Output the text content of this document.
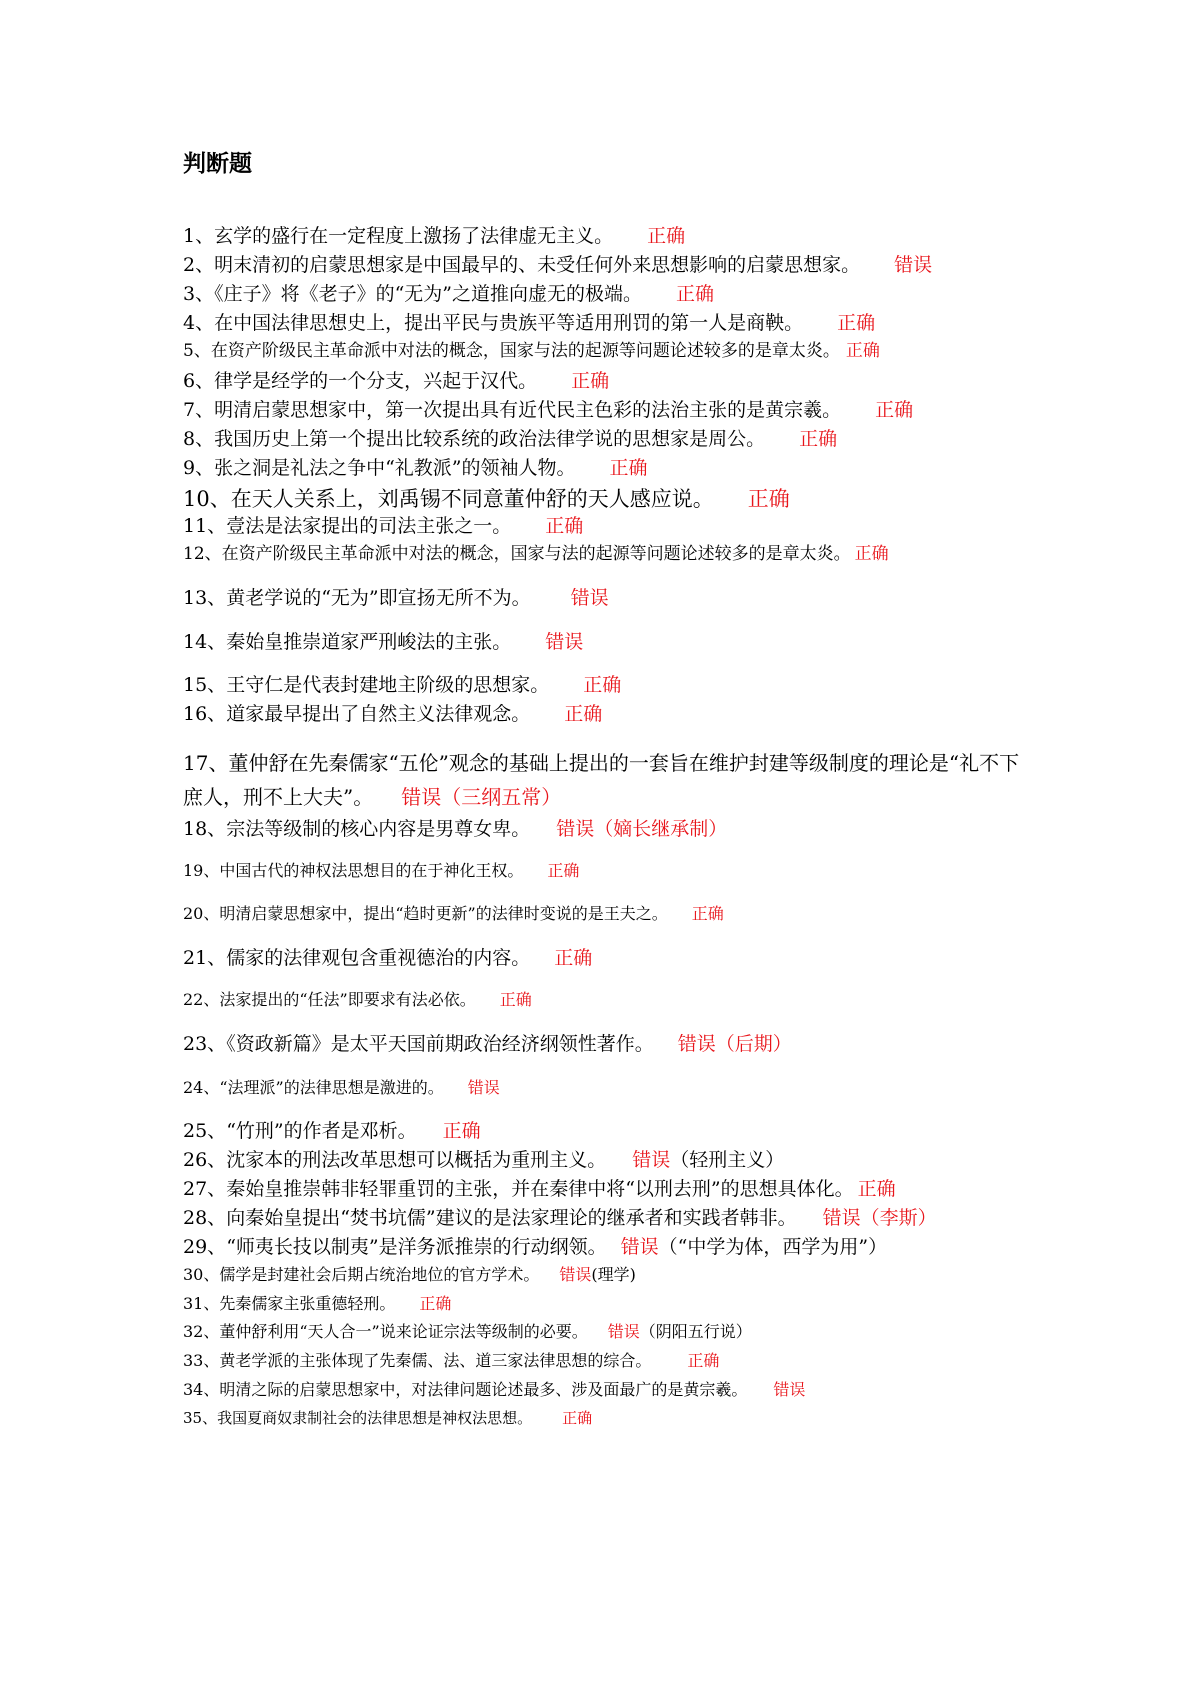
判断题
1、玄学的盛行在一定程度上激扬了法律虚无主义。 正确
2、明末清初的启蒙思想家是中国最早的、未受任何外来思想影响的启蒙思想家。 错误
3、《庄子》将《老子》的“无为”之道推向虚无的极端。 正确
4、在中国法律思想史上，提出平民与贵族平等适用刑罚的第一人是商鞅。 正确
5、在资产阶级民主革命派中对法的概念，国家与法的起源等问题论述较多的是章太炎。 正确
6、律学是经学的一个分支，兴起于汉代。 正确
7、明清启蒙思想家中，第一次提出具有近代民主色彩的法治主张的是黄宗羲。 正确
8、我国历史上第一个提出比较系统的政治法律学说的思想家是周公。 正确
9、张之洞是礼法之争中“礼教派”的领袖人物。 正确
10、在天人关系上，刘禹锡不同意董仲舒的天人感应说。 正确
11、壹法是法家提出的司法主张之一。 正确
12、在资产阶级民主革命派中对法的概念，国家与法的起源等问题论述较多的是章太炎。 正确
13、黄老学说的“无为”即宣扬无所不为。 错误
14、秦始皇推崇道家严刑峻法的主张。 错误
15、王守仁是代表封建地主阶级的思想家。 正确
16、道家最早提出了自然主义法律观念。 正确
17、董仲舒在先秦儒家“五伦”观念的基础上提出的一套旨在维护封建等级制度的理论是“礼不下庶人，刑不上大夫”。 错误（三纲五常）
18、宗法等级制的核心内容是男尊女卑。 错误（嫡长继承制）
19、中国古代的神权法思想目的在于神化王权。 正确
20、明清启蒙思想家中，提出“趋时更新”的法律时变说的是王夫之。 正确
21、儒家的法律观包含重视德治的内容。 正确
22、法家提出的“任法”即要求有法必依。 正确
23、《资政新篇》是太平天国前期政治经济纲领性著作。 错误（后期）
24、“法理派”的法律思想是激进的。 错误
25、“竹刑”的作者是邓析。 正确
26、沈家本的刑法改革思想可以概括为重刑主义。 错误（轻刑主义）
27、秦始皇推崇韩非轻罪重罚的主张，并在秦律中将“以刑去刑”的思想具体化。 正确
28、向秦始皇提出“焚书坑儒”建议的是法家理论的继承者和实践者韩非。 错误（李斯）
29、“师夷长技以制夷”是洋务派推崇的行动纲领。 错误（“中学为体，西学为用”）
30、儒学是封建社会后期占统治地位的官方学术。 错误(理学)
31、先秦儒家主张重德轻刑。 正确
32、董仲舒利用“天人合一”说来论证宗法等级制的必要。 错误（阴阳五行说）
33、黄老学派的主张体现了先秦儒、法、道三家法律思想的综合。 正确
34、明清之际的启蒙思想家中，对法律问题论述最多、涉及面最广的是黄宗羲。 错误
35、我国夏商奴隶制社会的法律思想是神权法思想。 正确
